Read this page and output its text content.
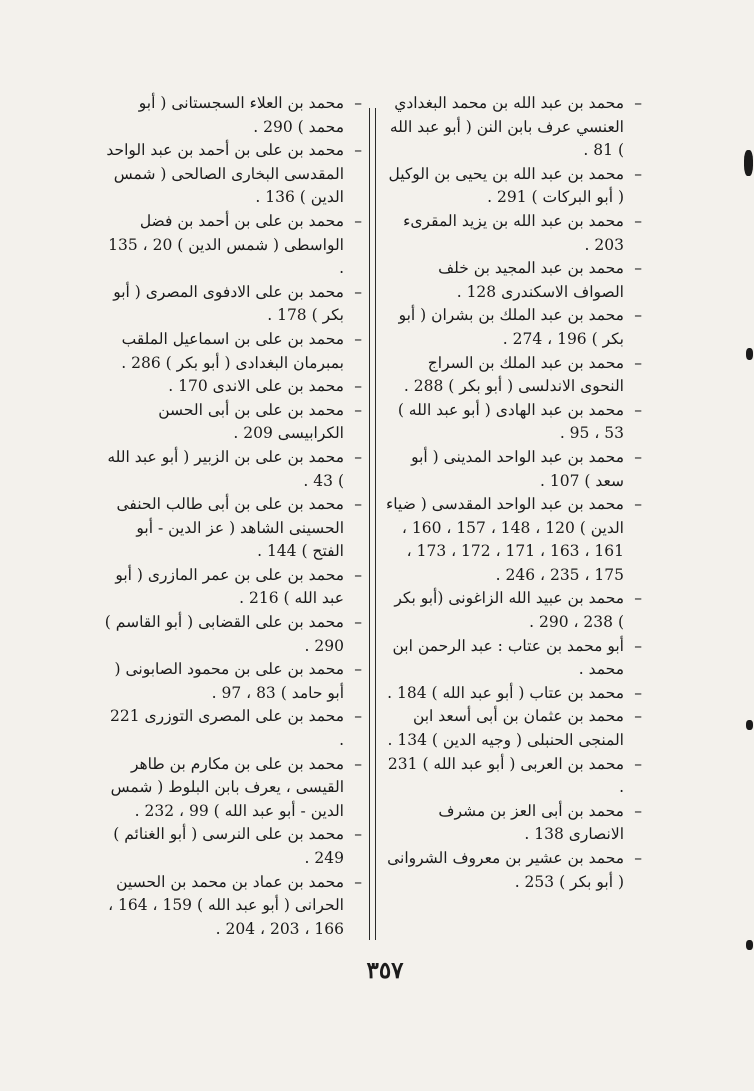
–
محمد بن عبد الله بن محمد البغدادي العنسي عرف بابن النن ( أبو عبد الله ) 81 .

–
محمد بن عبد الله بن يحيى بن الوكيل ( أبو البركات ) 291 .

–
محمد بن عبد الله بن يزيد المقرىء 203 .

–
محمد بن عبد المجيد بن خلف الصواف الاسكندرى 128 .

–
محمد بن عبد الملك بن بشران ( أبو بكر ) 196 ، 274 .

–
محمد بن عبد الملك بن السراج النحوى الاندلسى ( أبو بكر ) 288 .

–
محمد بن عبد الهادى ( أبو عبد الله ) 53 ، 95 .

–
محمد بن عبد الواحد المدينى ( أبو سعد ) 107 .

–
محمد بن عبد الواحد المقدسى ( ضياء الدين ) 120 ، 148 ، 157 ، 160 ، 161 ، 163 ، 171 ، 172 ، 173 ، 175 ، 235 ، 246 .

–
محمد بن عبيد الله الزاغونى (أبو بكر ) 238 ، 290 .

–
أبو محمد بن عتاب : عبد الرحمن ابن محمد .

–
محمد بن عتاب ( أبو عبد الله ) 184 .

–
محمد بن عثمان بن أبى أسعد ابن المنجى الحنبلى ( وجيه الدين ) 134 .

–
محمد بن العربى ( أبو عبد الله ) 231 .

–
محمد بن أبى العز بن مشرف الانصارى 138 .

–
محمد بن عشير بن معروف الشروانى ( أبو بكر ) 253 .

–
محمد بن العلاء السجستانى ( أبو محمد ) 290 .

–
محمد بن على بن أحمد بن عبد الواحد المقدسى البخارى الصالحى ( شمس الدين ) 136 .

–
محمد بن على بن أحمد بن فضل الواسطى ( شمس الدين ) 20 ، 135 .

–
محمد بن على الادفوى المصرى ( أبو بكر ) 178 .

–
محمد بن على بن اسماعيل الملقب بمبرمان البغدادى ( أبو بكر ) 286 .

–
محمد بن على الاندى 170 .

–
محمد بن على بن أبى الحسن الكرابيسى 209 .

–
محمد بن على بن الزبير ( أبو عبد الله ) 43 .

–
محمد بن على بن أبى طالب الحنفى الحسينى الشاهد ( عز الدين - أبو الفتح ) 144 .

–
محمد بن على بن عمر المازرى ( أبو عبد الله ) 216 .

–
محمد بن على القضابى ( أبو القاسم ) 290 .

–
محمد بن على بن محمود الصابونى ( أبو حامد ) 83 ، 97 .

–
محمد بن على المصرى التوزرى 221 .

–
محمد بن على بن مكارم بن طاهر القيسى ، يعرف بابن البلوط ( شمس الدين - أبو عبد الله ) 99 ، 232 .

–
محمد بن على النرسى ( أبو الغنائم ) 249 .

–
محمد بن عماد بن محمد بن الحسين الحرانى ( أبو عبد الله ) 159 ، 164 ، 166 ، 203 ، 204 .

٣٥٧
